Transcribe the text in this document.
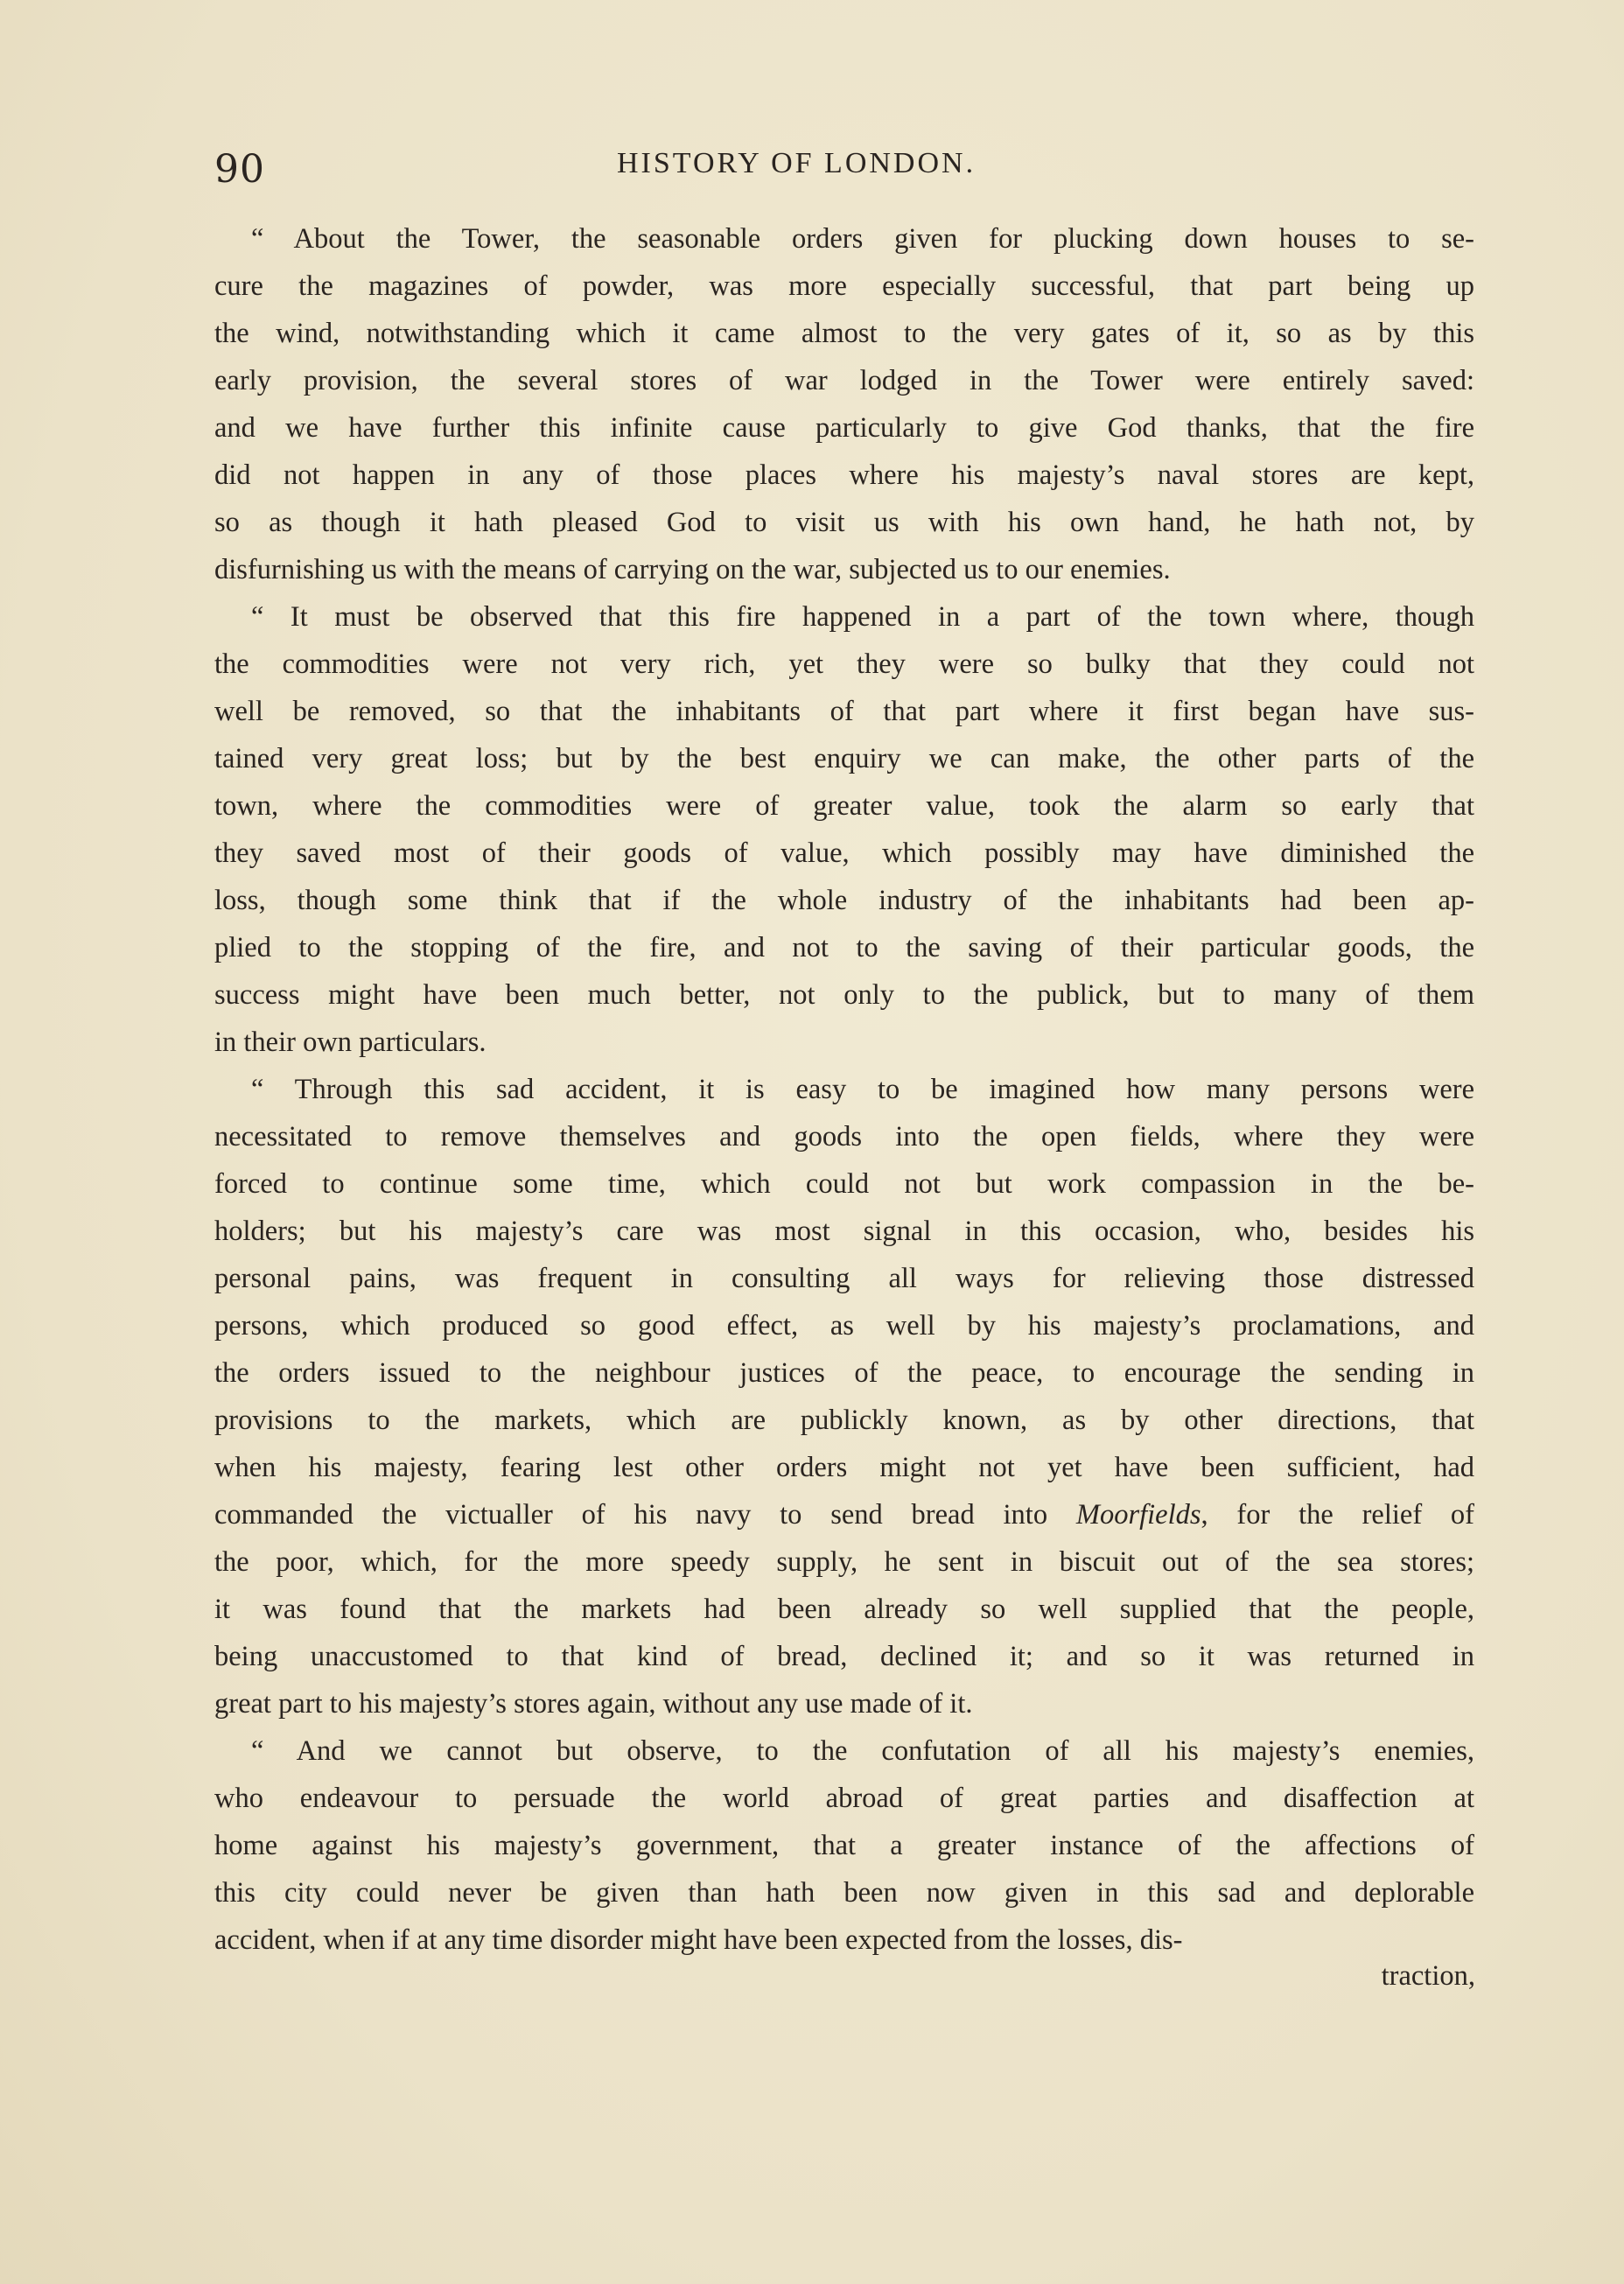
90	HISTORY OF LONDON.
“ About the Tower, the seasonable orders given for plucking down houses to se-
cure the magazines of powder, was more especially successful, that part being up
the wind, notwithstanding which it came almost to the very gates of it, so as by this
early provision, the several stores of war lodged in the Tower were entirely saved:
and we have further this infinite cause particularly to give God thanks, that the fire
did not happen in any of those places where his majesty’s naval stores are kept,
so as though it hath pleased God to visit us with his own hand, he hath not, by
disfurnishing us with the means of carrying on the war, subjected us to our enemies.
“ It must be observed that this fire happened in a part of the town where, though
the commodities were not very rich, yet they were so bulky that they could not
well be removed, so that the inhabitants of that part where it first began have sus-
tained very great loss; but by the best enquiry we can make, the other parts of the
town, where the commodities were of greater value, took the alarm so early that
they saved most of their goods of value, which possibly may have diminished the
loss, though some think that if the whole industry of the inhabitants had been ap-
plied to the stopping of the fire, and not to the saving of their particular goods, the
success might have been much better, not only to the publick, but to many of them
in their own particulars.
“ Through this sad accident, it is easy to be imagined how many persons were
necessitated to remove themselves and goods into the open fields, where they were
forced to continue some time, which could not but work compassion in the be-
holders; but his majesty’s care was most signal in this occasion, who, besides his
personal pains, was frequent in consulting all ways for relieving those distressed
persons, which produced so good effect, as well by his majesty’s proclamations, and
the orders issued to the neighbour justices of the peace, to encourage the sending in
provisions to the markets, which are publickly known, as by other directions, that
when his majesty, fearing lest other orders might not yet have been sufficient, had
commanded the victualler of his navy to send bread into Moorfields, for the relief of
the poor, which, for the more speedy supply, he sent in biscuit out of the sea stores;
it was found that the markets had been already so well supplied that the people,
being unaccustomed to that kind of bread, declined it; and so it was returned in
great part to his majesty’s stores again, without any use made of it.
“ And we cannot but observe, to the confutation of all his majesty’s enemies,
who endeavour to persuade the world abroad of great parties and disaffection at
home against his majesty’s government, that a greater instance of the affections of
this city could never be given than hath been now given in this sad and deplorable
accident, when if at any time disorder might have been expected from the losses, dis-
traction,
